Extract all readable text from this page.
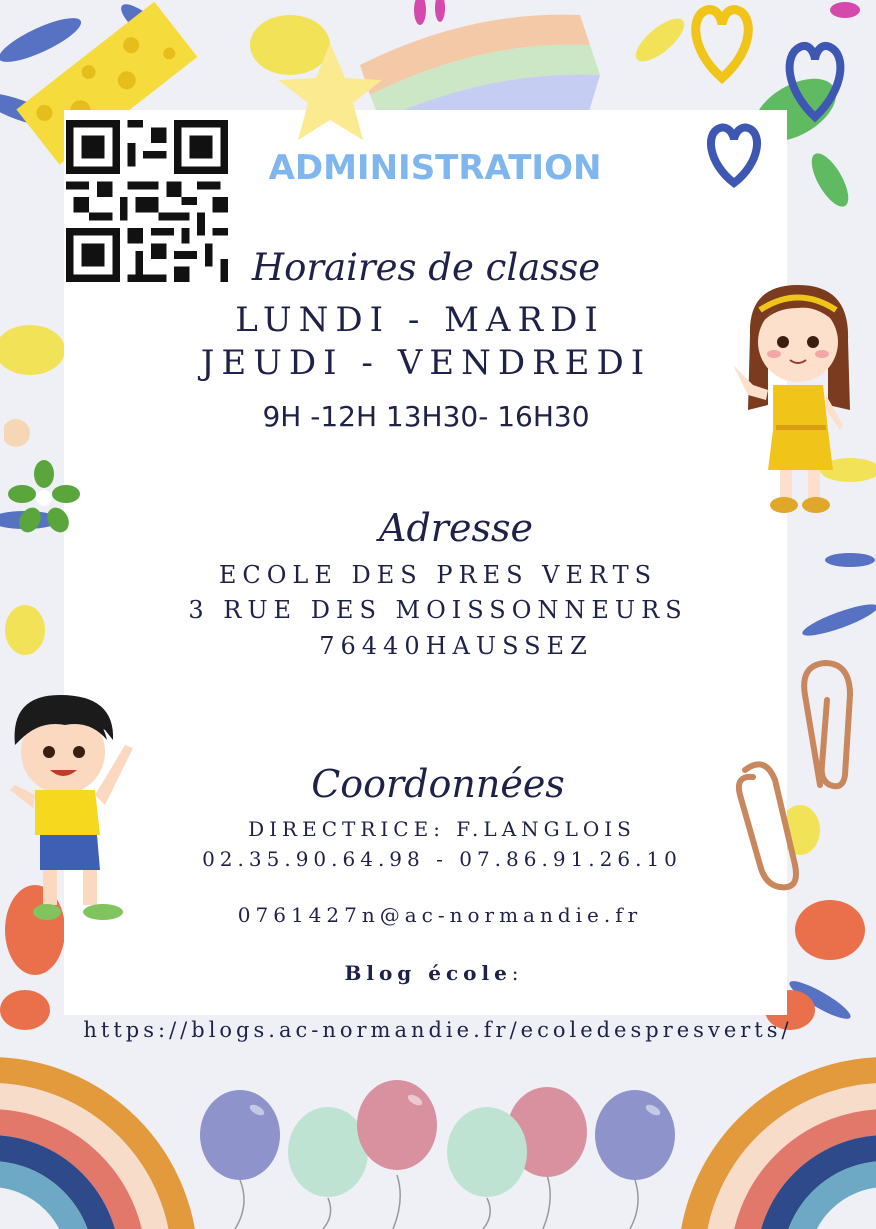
ADMINISTRATION
Horaires de classe
LUNDI - MARDI
JEUDI - VENDREDI
9H -12H 13H30- 16H30
Adresse
ECOLE DES PRES VERTS
3 RUE DES MOISSONNEURS
76440HAUSSEZ
Coordonnées
DIRECTRICE: F.LANGLOIS
02.35.90.64.98 - 07.86.91.26.10
0761427n@ac-normandie.fr
Blog école:
https://blogs.ac-normandie.fr/ecoledespresverts/
